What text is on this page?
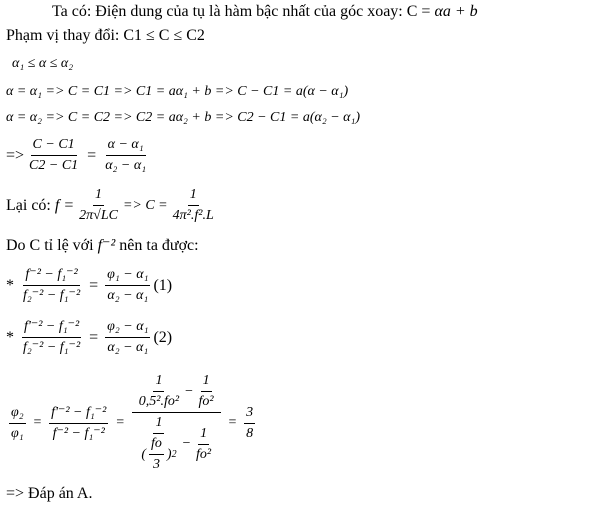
Ta có: Điện dung của tụ là hàm bậc nhất của góc xoay: C = αa + b
Phạm vị thay đổi: C1 ≤ C ≤ C2
α₁ ≤ α ≤ α₂
α = α₁ => C = C1 => C1 = aα₁ + b => C − C1 = a(α − α₁)
α = α₂ => C = C2 => C2 = aα₂ + b => C2 − C1 = a(α₂ − α₁)
=> $\frac{C - C1}{C2 - C1} = \frac{\text{α − α₁}}{\text{α₂ − α₁}}$
Lại có:
$f = \frac{1}{2\pi√LC} => C = \frac{1}{\text{4π².f².L}}$
Do C tỉ lệ với f⁻² nên ta được:
*
$\frac{\text{f⁻² − f₁⁻²}}{\text{f₂⁻² − f₁⁻²}} = \frac{\text{φ₁ − α₁}}{\text{α₂ − α₁}} (1)$
*
$\frac{\text{f'⁻² − f₁⁻²}}{\text{f₂⁻² − f₁⁻²}} = \frac{\text{φ₂ − α₁}}{\text{α₂ − α₁}} (2)$
$\frac{\text{φ₂}}{\text{φ₁}} = \frac{\text{f'⁻² − f₁⁻²}}{\text{f⁻² − f₁⁻²}}$ =
$\frac{1}{\text{0,5².fo²}} - \frac{1}{\text{fo²}}$
$\frac{1}{( \frac{fo}{3} ) 2} - \frac{1}{\text{fo²}}$
= $\frac{3}{8}$
=> Đáp án A.
